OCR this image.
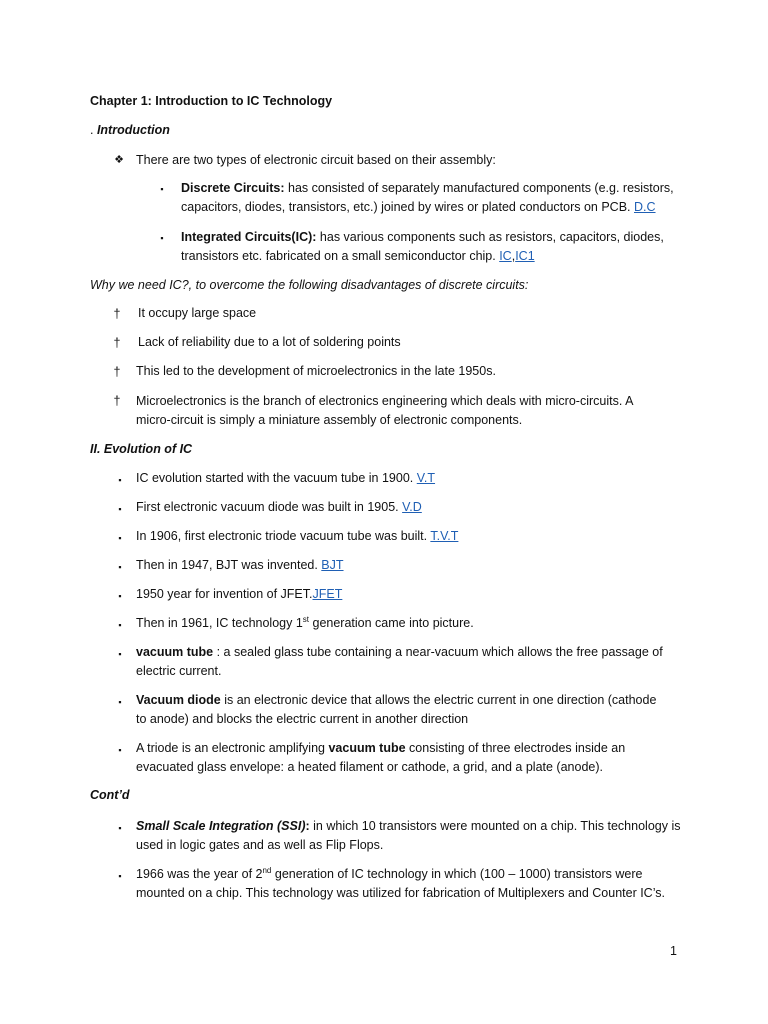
Chapter 1: Introduction to IC Technology
. Introduction
❖ There are two types of electronic circuit based on their assembly:
▪	Discrete Circuits: has consisted of separately manufactured components (e.g. resistors,
capacitors, diodes, transistors, etc.) joined by wires or plated conductors on PCB. D.C
▪	Integrated Circuits(IC): has various components such as resistors, capacitors, diodes,
transistors etc. fabricated on a small semiconductor chip. IC,IC1
Why we need IC?, to overcome the following disadvantages of discrete circuits:
† It occupy large space
† Lack of reliability due to a lot of soldering points
† This led to the development of microelectronics in the late 1950s.
† Microelectronics is the branch of electronics engineering which deals with micro-circuits. A
micro-circuit is simply a miniature assembly of electronic components.
II. Evolution of IC
▪	IC evolution started with the vacuum tube in 1900. V.T
▪	First electronic vacuum diode was built in 1905. V.D
▪	In 1906, first electronic triode vacuum tube was built. T.V.T
▪	Then in 1947, BJT was invented. BJT
▪	1950 year for invention of JFET.JFET
▪	Then in 1961, IC technology 1st generation came into picture.
▪	vacuum tube : a sealed glass tube containing a near-vacuum which allows the free passage of
electric current.
▪	Vacuum diode is an electronic device that allows the electric current in one direction (cathode
to anode) and blocks the electric current in another direction
▪	A triode is an electronic amplifying vacuum tube consisting of three electrodes inside an
evacuated glass envelope: a heated filament or cathode, a grid, and a plate (anode).
Cont’d
▪	Small Scale Integration (SSI): in which 10 transistors were mounted on a chip. This technology is
used in logic gates and as well as Flip Flops.
▪	1966 was the year of 2nd generation of IC technology in which (100 – 1000) transistors were
mounted on a chip. This technology was utilized for fabrication of Multiplexers and Counter IC’s.
1
